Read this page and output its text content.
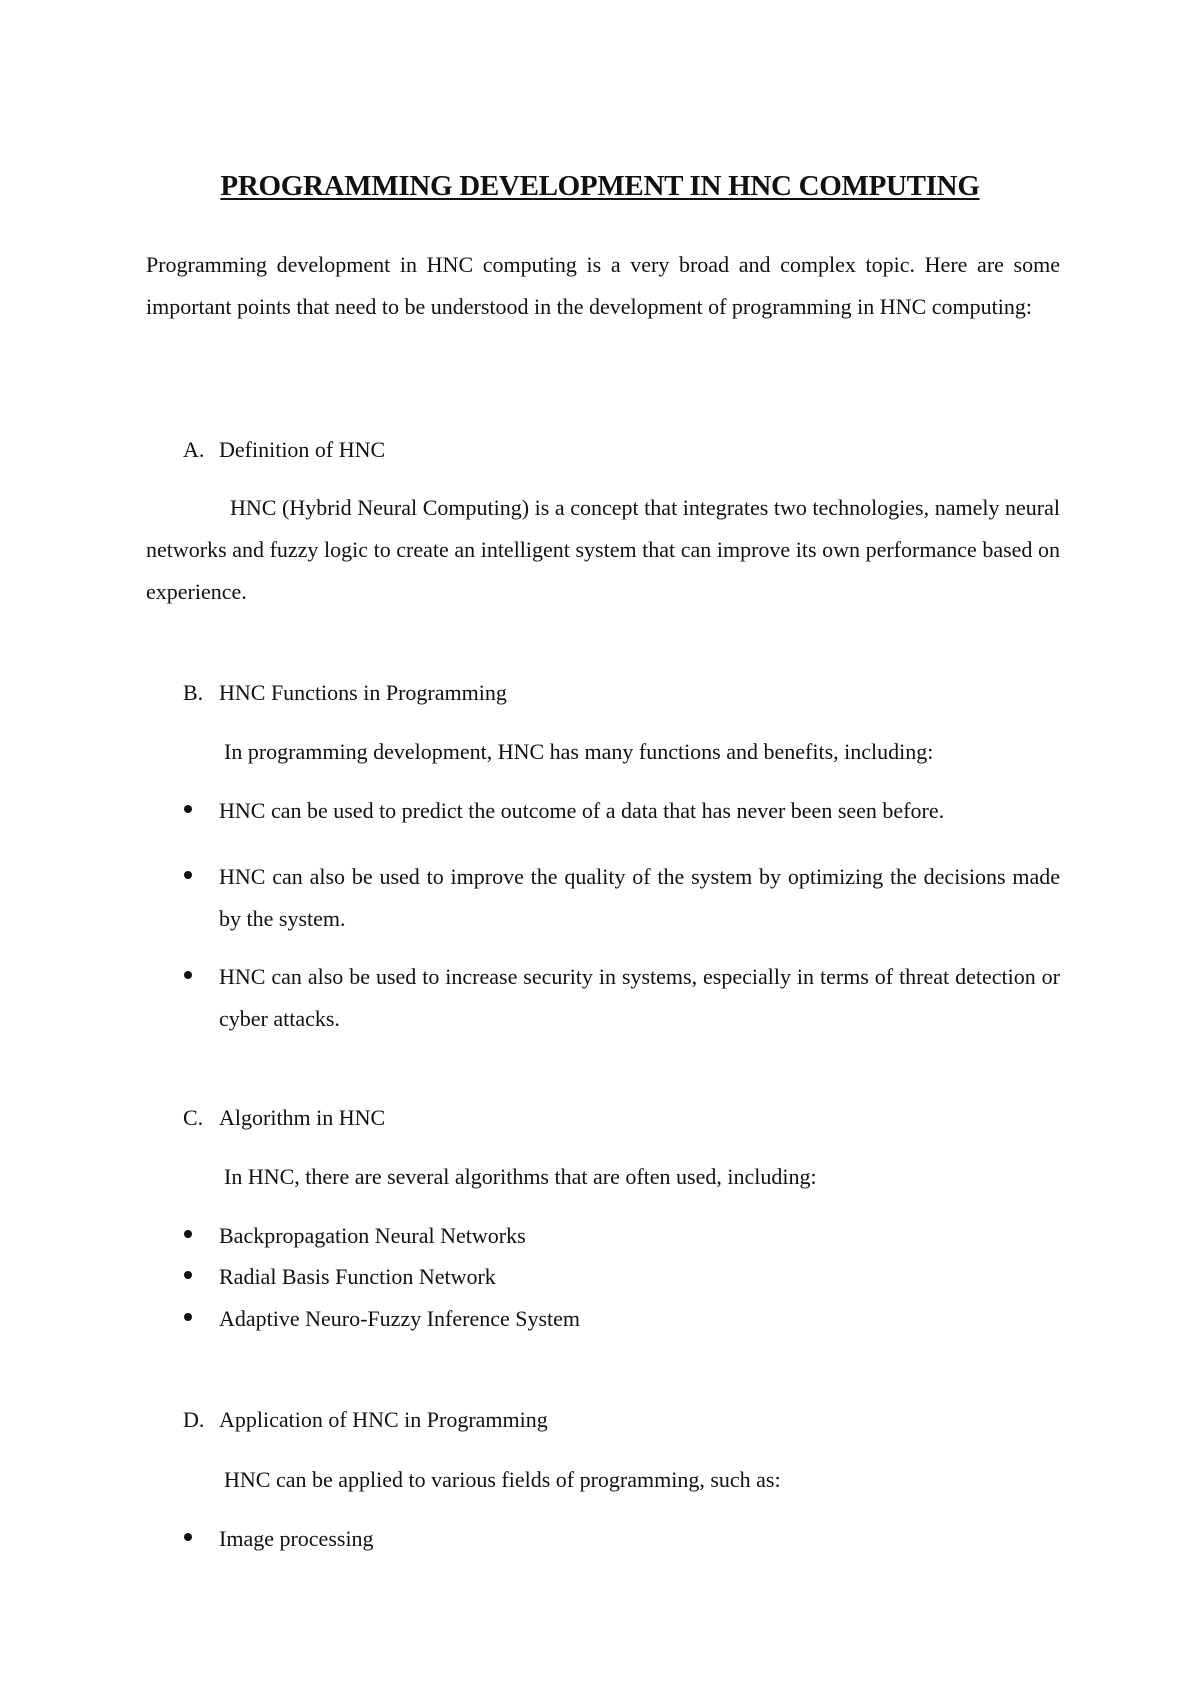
PROGRAMMING DEVELOPMENT IN HNC COMPUTING
Programming development in HNC computing is a very broad and complex topic. Here are some important points that need to be understood in the development of programming in HNC computing:
A. Definition of HNC
HNC (Hybrid Neural Computing) is a concept that integrates two technologies, namely neural networks and fuzzy logic to create an intelligent system that can improve its own performance based on experience.
B. HNC Functions in Programming
In programming development, HNC has many functions and benefits, including:
HNC can be used to predict the outcome of a data that has never been seen before.
HNC can also be used to improve the quality of the system by optimizing the decisions made by the system.
HNC can also be used to increase security in systems, especially in terms of threat detection or cyber attacks.
C. Algorithm in HNC
In HNC, there are several algorithms that are often used, including:
Backpropagation Neural Networks
Radial Basis Function Network
Adaptive Neuro-Fuzzy Inference System
D. Application of HNC in Programming
HNC can be applied to various fields of programming, such as:
Image processing
